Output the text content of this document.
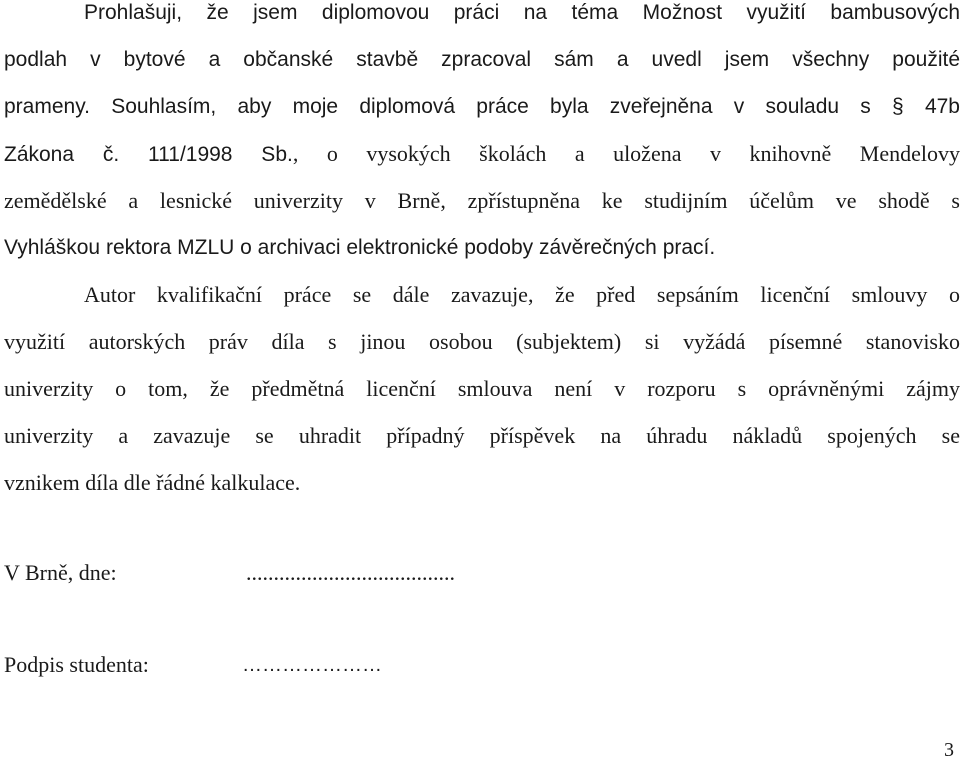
Prohlašuji, že jsem diplomovou práci na téma Možnost využití bambusových
podlah v bytové a občanské stavbě zpracoval sám a uvedl jsem všechny použité
prameny. Souhlasím, aby moje diplomová práce byla zveřejněna v souladu s § 47b
Zákona č. 111/1998 Sb., o vysokých školách a uložena v knihovně Mendelovy
zemědělské a lesnické univerzity v Brně, zpřístupněna ke studijním účelům ve shodě s
Vyhláškou rektora MZLU o archivaci elektronické podoby závěrečných prací.
Autor kvalifikační práce se dále zavazuje, že před sepsáním licenční smlouvy o
využití autorských práv díla s jinou osobou (subjektem) si vyžádá písemné stanovisko
univerzity o tom, že předmětná licenční smlouva není v rozporu s oprávněnými zájmy
univerzity a zavazuje se uhradit případný příspěvek na úhradu nákladů spojených se
vznikem díla dle řádné kalkulace.
V Brně, dne:	......................................
Podpis studenta:	…………………
3
